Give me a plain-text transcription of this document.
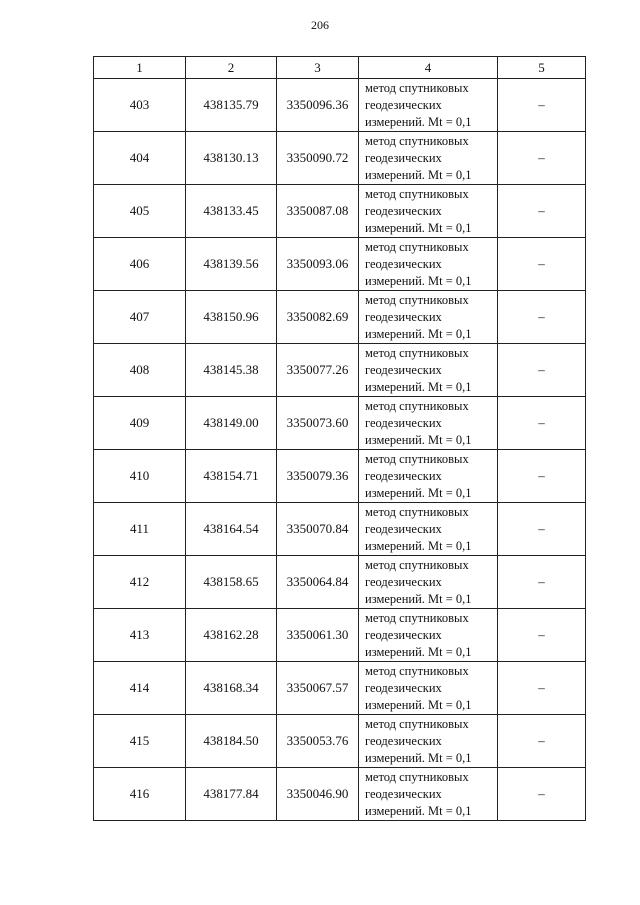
206
1	2	3	4	5
403	438135.79	3350096.36	метод спутниковых геодезических измерений. Mt = 0,1	–
404	438130.13	3350090.72	метод спутниковых геодезических измерений. Mt = 0,1	–
405	438133.45	3350087.08	метод спутниковых геодезических измерений. Mt = 0,1	–
406	438139.56	3350093.06	метод спутниковых геодезических измерений. Mt = 0,1	–
407	438150.96	3350082.69	метод спутниковых геодезических измерений. Mt = 0,1	–
408	438145.38	3350077.26	метод спутниковых геодезических измерений. Mt = 0,1	–
409	438149.00	3350073.60	метод спутниковых геодезических измерений. Mt = 0,1	–
410	438154.71	3350079.36	метод спутниковых геодезических измерений. Mt = 0,1	–
411	438164.54	3350070.84	метод спутниковых геодезических измерений. Mt = 0,1	–
412	438158.65	3350064.84	метод спутниковых геодезических измерений. Mt = 0,1	–
413	438162.28	3350061.30	метод спутниковых геодезических измерений. Mt = 0,1	–
414	438168.34	3350067.57	метод спутниковых геодезических измерений. Mt = 0,1	–
415	438184.50	3350053.76	метод спутниковых геодезических измерений. Mt = 0,1	–
416	438177.84	3350046.90	метод спутниковых геодезических измерений. Mt = 0,1	–
